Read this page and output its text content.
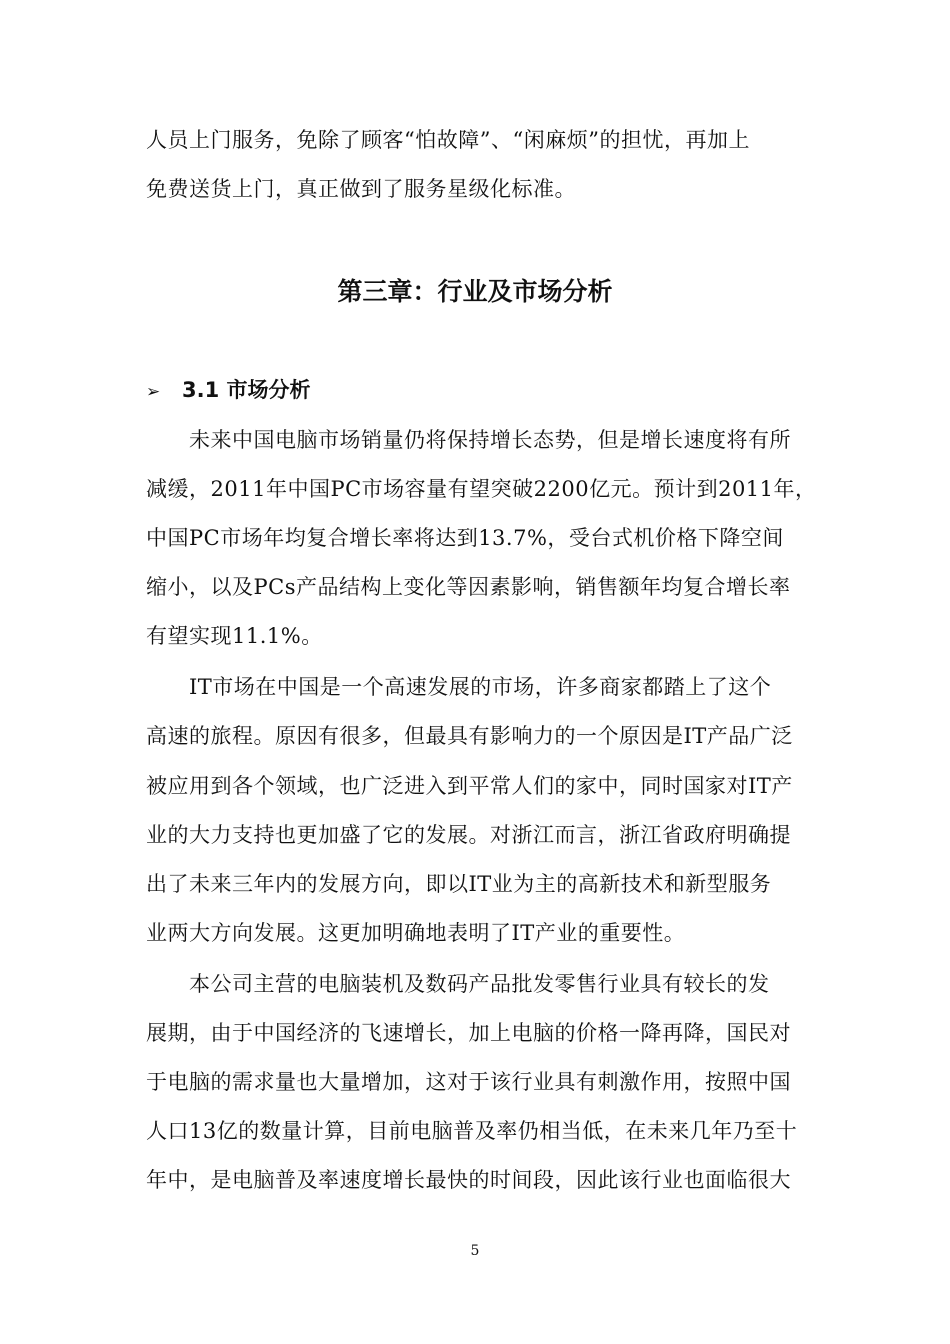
人员上门服务，免除了顾客“怕故障”、“闲麻烦”的担忧，再加上
免费送货上门，真正做到了服务星级化标准。
第三章：行业及市场分析
➢ 3.1 市场分析
未来中国电脑市场销量仍将保持增长态势，但是增长速度将有所
减缓，2011年中国PC市场容量有望突破2200亿元。预计到2011年，
中国PC市场年均复合增长率将达到13.7%，受台式机价格下降空间
缩小，以及PCs产品结构上变化等因素影响，销售额年均复合增长率
有望实现11.1%。
IT市场在中国是一个高速发展的市场，许多商家都踏上了这个
高速的旅程。原因有很多，但最具有影响力的一个原因是IT产品广泛
被应用到各个领域，也广泛进入到平常人们的家中，同时国家对IT产
业的大力支持也更加盛了它的发展。对浙江而言，浙江省政府明确提
出了未来三年内的发展方向，即以IT业为主的高新技术和新型服务
业两大方向发展。这更加明确地表明了IT产业的重要性。
本公司主营的电脑装机及数码产品批发零售行业具有较长的发
展期，由于中国经济的飞速增长，加上电脑的价格一降再降，国民对
于电脑的需求量也大量增加，这对于该行业具有刺激作用，按照中国
人口13亿的数量计算，目前电脑普及率仍相当低，在未来几年乃至十
年中，是电脑普及率速度增长最快的时间段，因此该行业也面临很大
5
